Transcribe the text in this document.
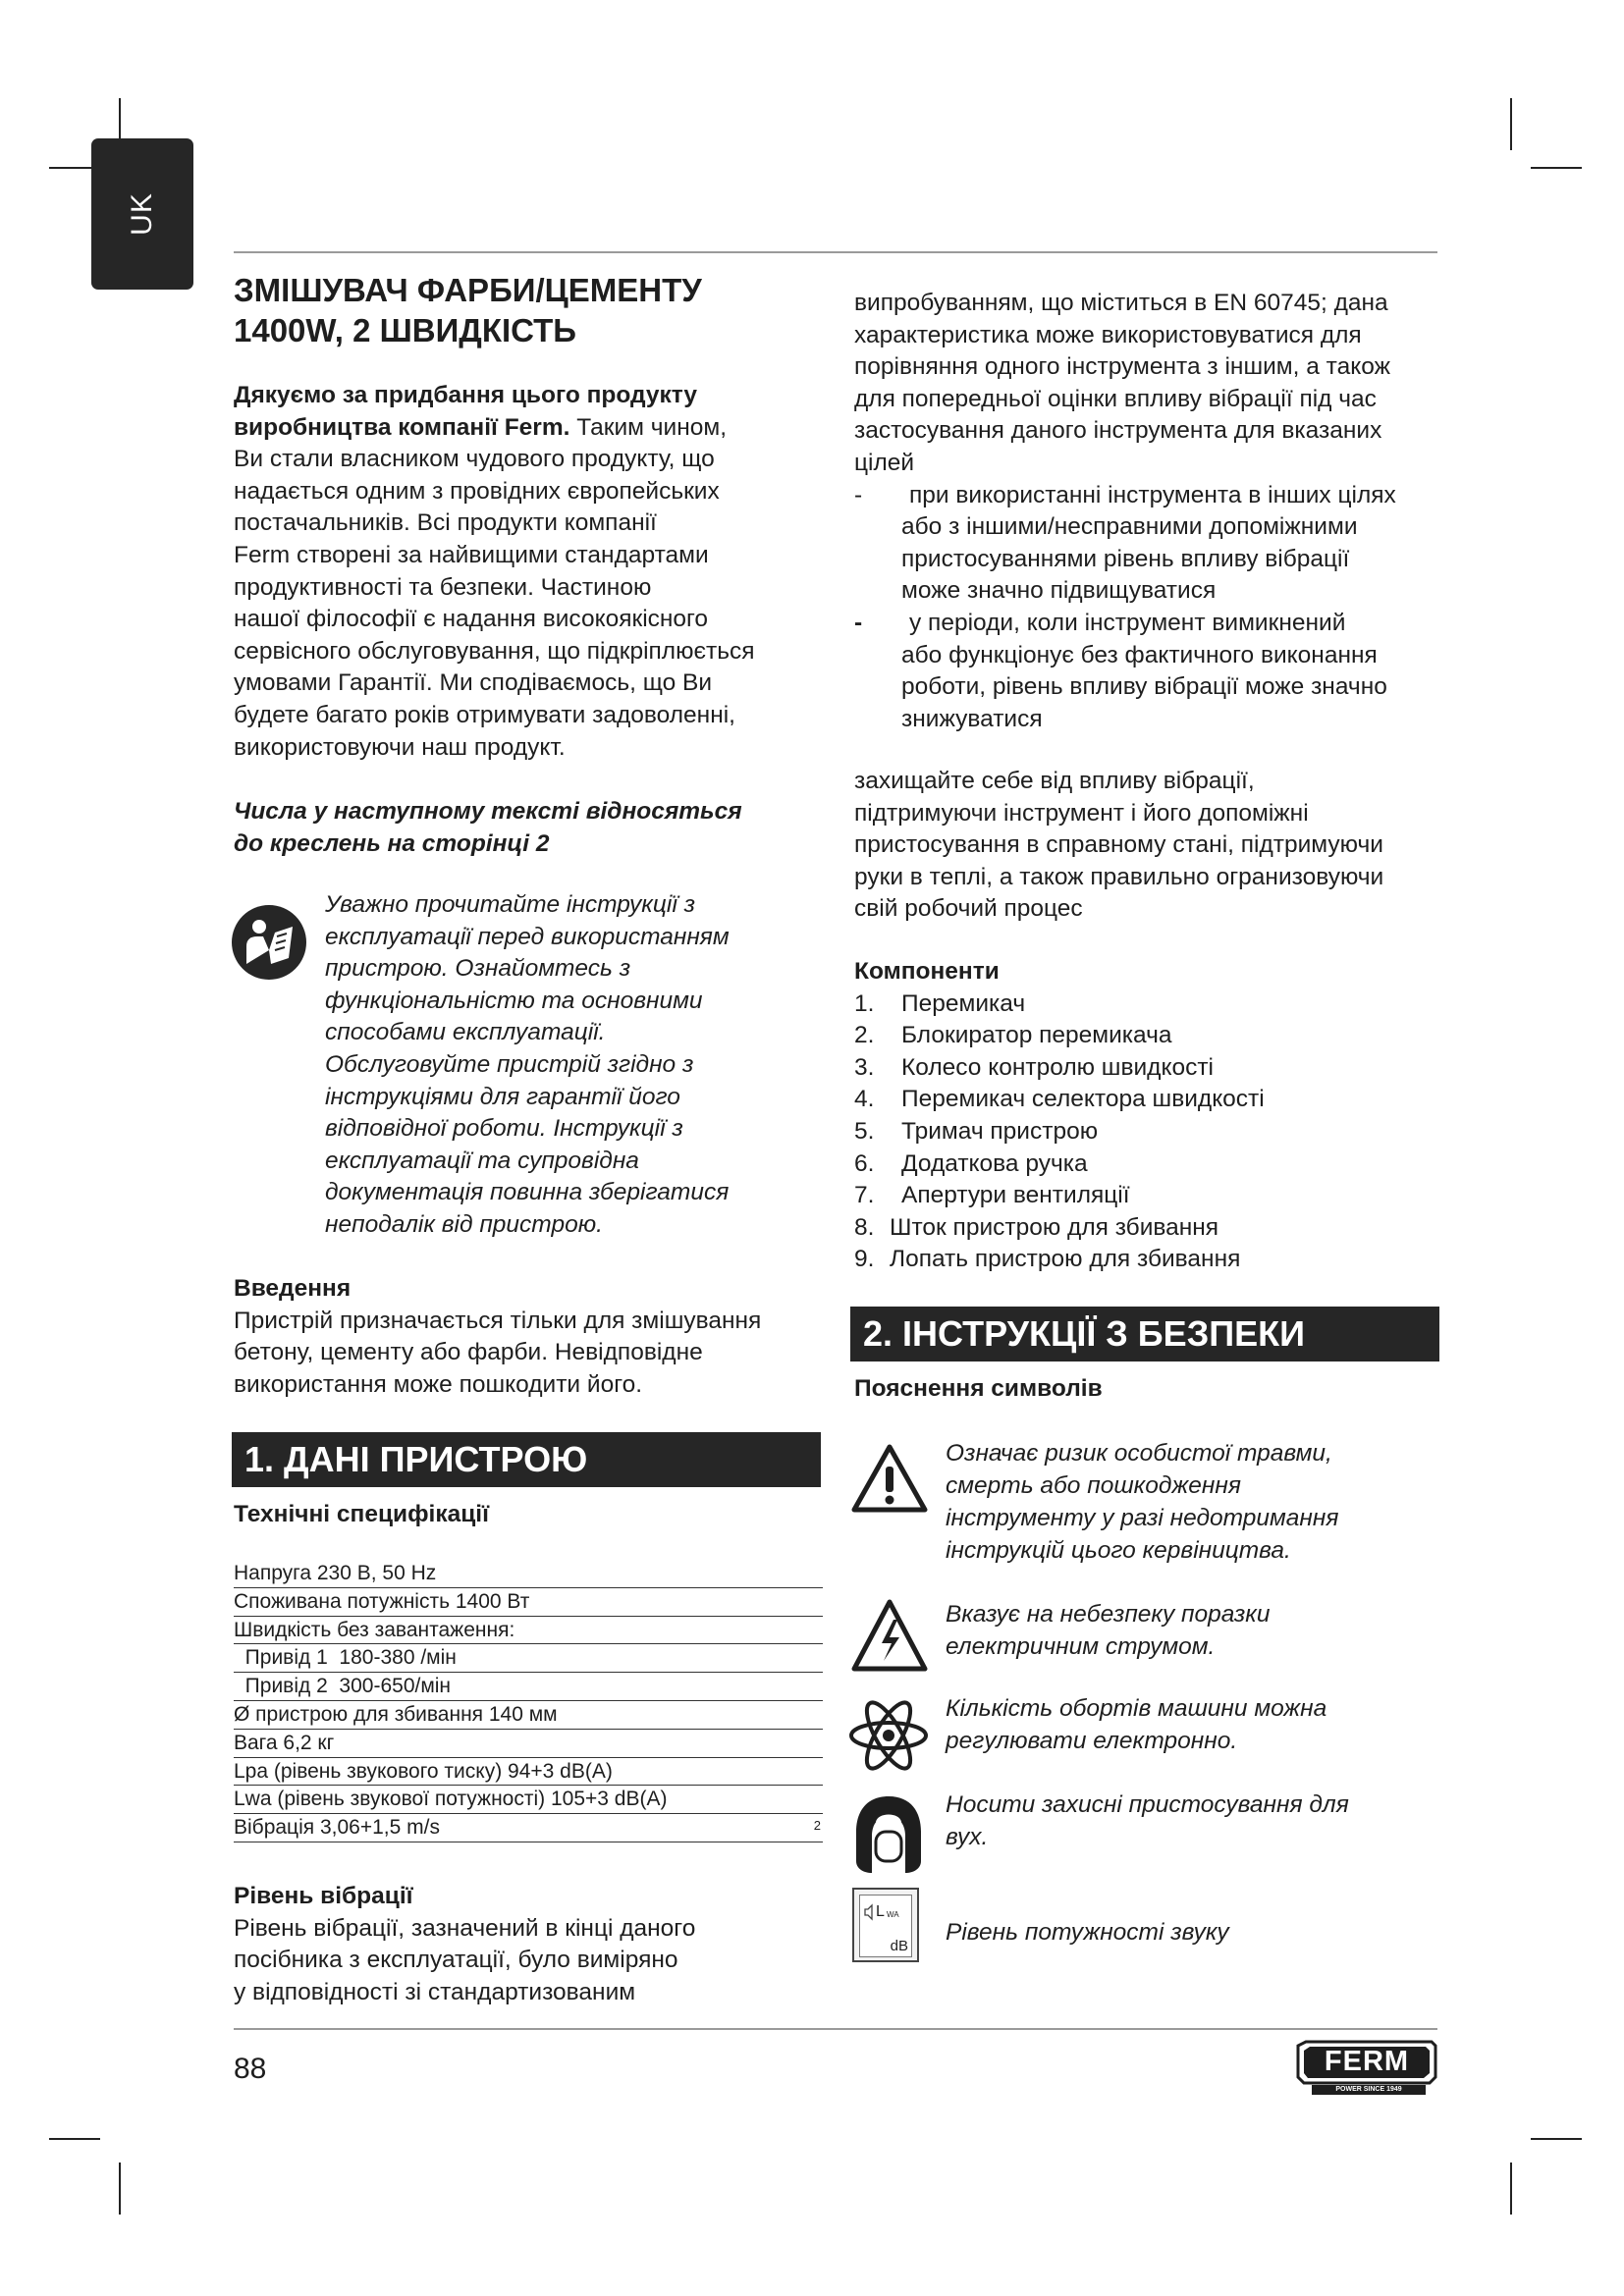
UK
ЗМІШУВАЧ ФАРБИ/ЦЕМЕНТУ
1400W, 2 ШВИДКІСТЬ
Дякуємо за придбання цього продукту
виробництва компанії Ferm. Таким чином,
Ви стали власником чудового продукту, що
надається одним з провідних європейських
постачальників. Всі продукти компанії
Ferm створені за найвищими стандартами
продуктивності та безпеки. Частиною
нашої філософії є надання високоякісного
сервісного обслуговування, що підкріплюється
умовами Гарантії. Ми сподіваємось, що Ви
будете багато років отримувати задоволенні,
використовуючи наш продукт.
Числа у наступному тексті відносяться
до креслень на сторінці 2
Уважно прочитайте інструкції з
експлуатації перед використанням
пристрою. Ознайомтесь з
функціональністю та основними
способами експлуатації.
Обслуговуйте пристрій згідно з
інструкціями для гарантії його
відповідної роботи. Інструкції з
експлуатації та супровідна
документація повинна зберігатися
неподалік від пристрою.
Введення
Пристрій призначається тільки для змішування
бетону, цементу або фарби. Невідповідне
використання може пошкодити його.
1. ДАНІ ПРИСТРОЮ
Технічні специфікації
Напруга 230 В, 50 Hz
Споживана потужність 1400 Вт
Швидкість без завантаження:
Привід 1  180-380 /мін
Привід 2  300-650/мін
Ø пристрою для збивання 140 мм
Вага 6,2 кг
Lpa (рівень звукового тиску) 94+3 dB(A)
Lwa (рівень звукової потужності) 105+3 dB(A)
Вібрація 3,06+1,5 m/s	2
Рівень вібрації
Рівень вібрації, зазначений в кінці даного
посібника з експлуатації, було виміряно
у відповідності зі стандартизованим
випробуванням, що міститься в EN 60745; дана
характеристика може використовуватися для
порівняння одного інструмента з іншим, а також
для попередньої оцінки впливу вібрації під час
застосування даного інструмента для вказаних
цілей
-	при використанні інструмента в інших цілях
або з іншими/несправними допоміжними
пристосуваннями рівень впливу вібрації
може значно підвищуватися
-	у періоди, коли інструмент вимикнений
або функціонує без фактичного виконання
роботи, рівень впливу вібрації може значно
знижуватися
захищайте себе від впливу вібрації,
підтримуючи інструмент і його допоміжні
пристосування в справному стані, підтримуючи
руки в теплі, а також правильно огранизовуючи
свій робочий процес
Компоненти
1.	Перемикач
2.	Блокиратор перемикача
3.	Колесо контролю швидкості
4.	Перемикач селектора швидкості
5.	Тримач пристрою
6.	Додаткова ручка
7.	Апертури вентиляції
8. Шток пристрою для збивання
9. Лопать пристрою для збивання
2. ІНСТРУКЦІЇ З БЕЗПЕКИ
Пояснення символів
Означає ризик особистої травми,
смерть або пошкодження
інструменту у разі недотримання
інструкцій цього кервіництва.
Вказує на небезпеку поразки
електричним струмом.
Кількість обортів машини можна
регулювати електронно.
Носити захисні пристосування для
вух.
L WA
dB
Рівень потужності звуку
88	FERM
POWER SINCE 1949
